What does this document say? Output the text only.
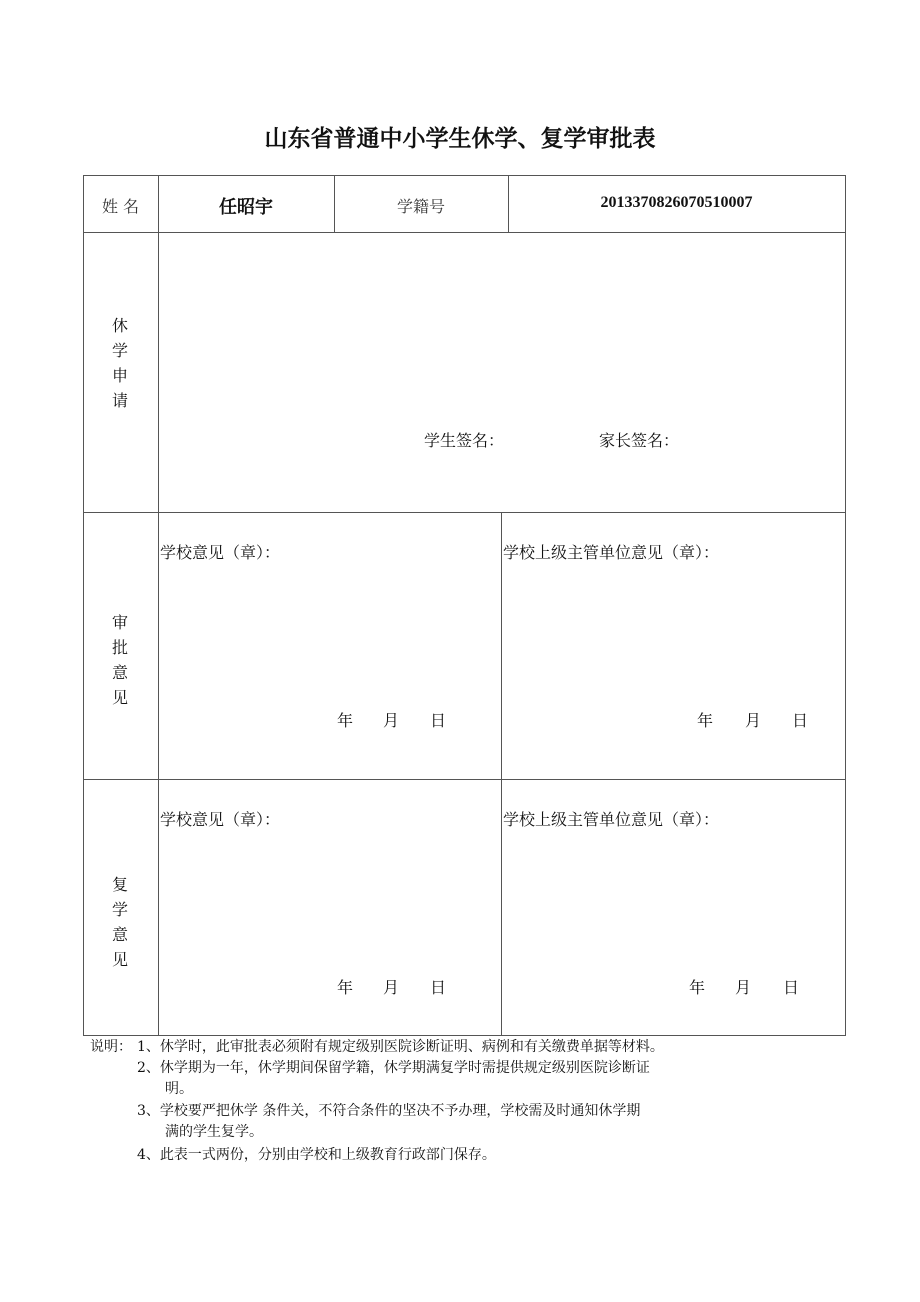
山东省普通中小学生休学、复学审批表
姓 名	任昭宇	学籍号	2013370826070510007
休学申请
学生签名：	家长签名：
审批意见
学校意见（章）：	学校上级主管单位意见（章）：
年 月 日	年 月 日
复学意见
学校意见（章）：	学校上级主管单位意见（章）：
年 月 日	年 月 日
说明： 1、休学时，此审批表必须附有规定级别医院诊断证明、病例和有关缴费单据等材料。
2、休学期为一年，休学期间保留学籍，休学期满复学时需提供规定级别医院诊断证
明。
3、学校要严把休学 条件关，不符合条件的坚决不予办理，学校需及时通知休学期
满的学生复学。
4、此表一式两份，分别由学校和上级教育行政部门保存。
